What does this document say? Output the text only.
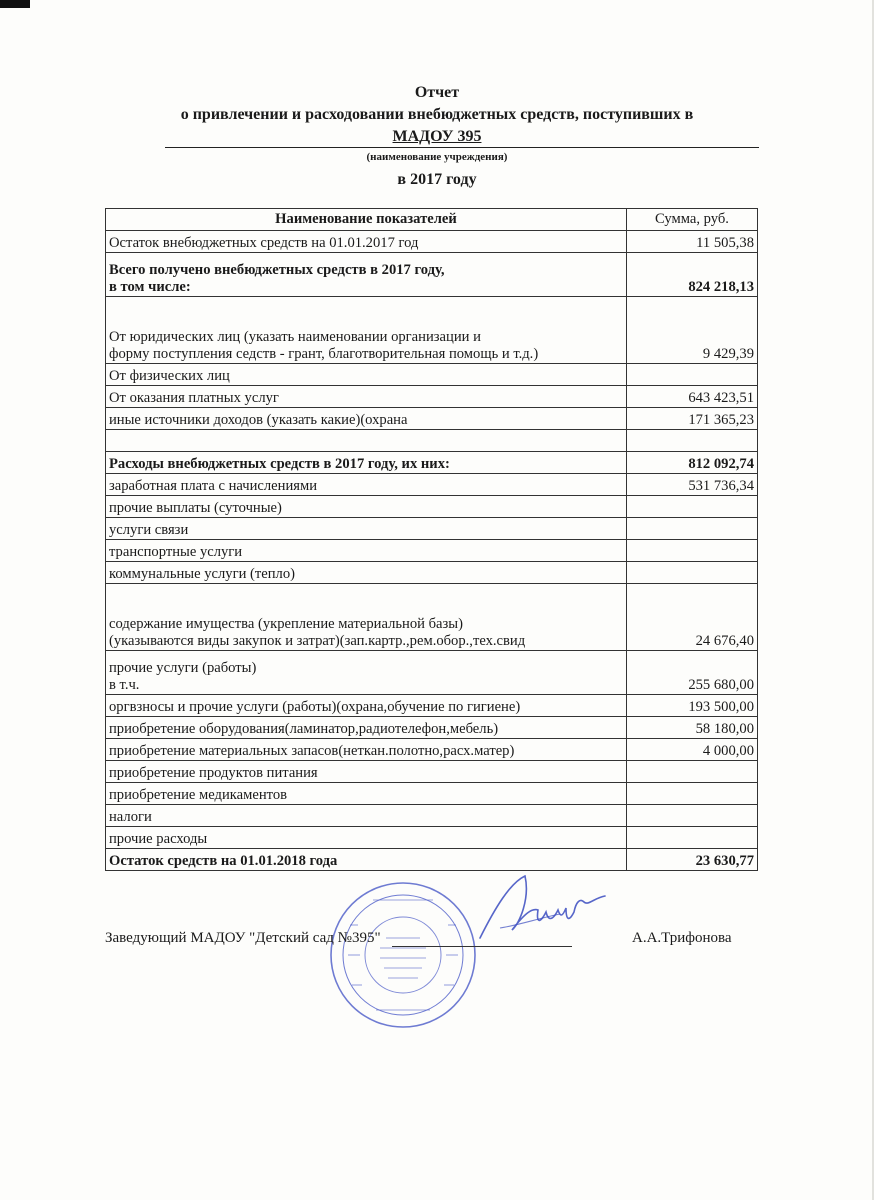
Отчет
о привлечении и расходовании внебюджетных средств, поступивших в
МАДОУ 395
(наименование учреждения)
в 2017 году
Наименование показателей	Сумма, руб.

Остаток внебюджетных средств на 01.01.2017 год	11 505,38

Всего получено внебюджетных средств в 2017 году,
в том числе:	824 218,13

От юридических лиц (указать наименовании организации и
форму поступления седств - грант, благотворительная помощь и т.д.)	9 429,39

От физических лиц	

От оказания платных услуг	643 423,51

иные источники доходов (указать какие)(охрана	171 365,23

Расходы внебюджетных средств в 2017 году, их них:	812 092,74

заработная плата с начислениями	531 736,34

прочие выплаты (суточные)	

услуги связи	

транспортные услуги	

коммунальные услуги (тепло)	

содержание имущества (укрепление материальной базы)
(указываются виды закупок и затрат)(зап.картр.,рем.обор.,тех.свид	24 676,40

прочие услуги (работы)
в т.ч.	255 680,00

оргвзносы и прочие услуги (работы)(охрана,обучение по гигиене)	193 500,00

приобретение оборудования(ламинатор,радиотелефон,мебель)	58 180,00

приобретение материальных запасов(неткан.полотно,расх.матер)	4 000,00

приобретение продуктов питания	

приобретение медикаментов	

налоги	

прочие расходы	

Остаток средств на 01.01.2018 года	23 630,77
Заведующий МАДОУ "Детский сад №395"	А.А.Трифонова
